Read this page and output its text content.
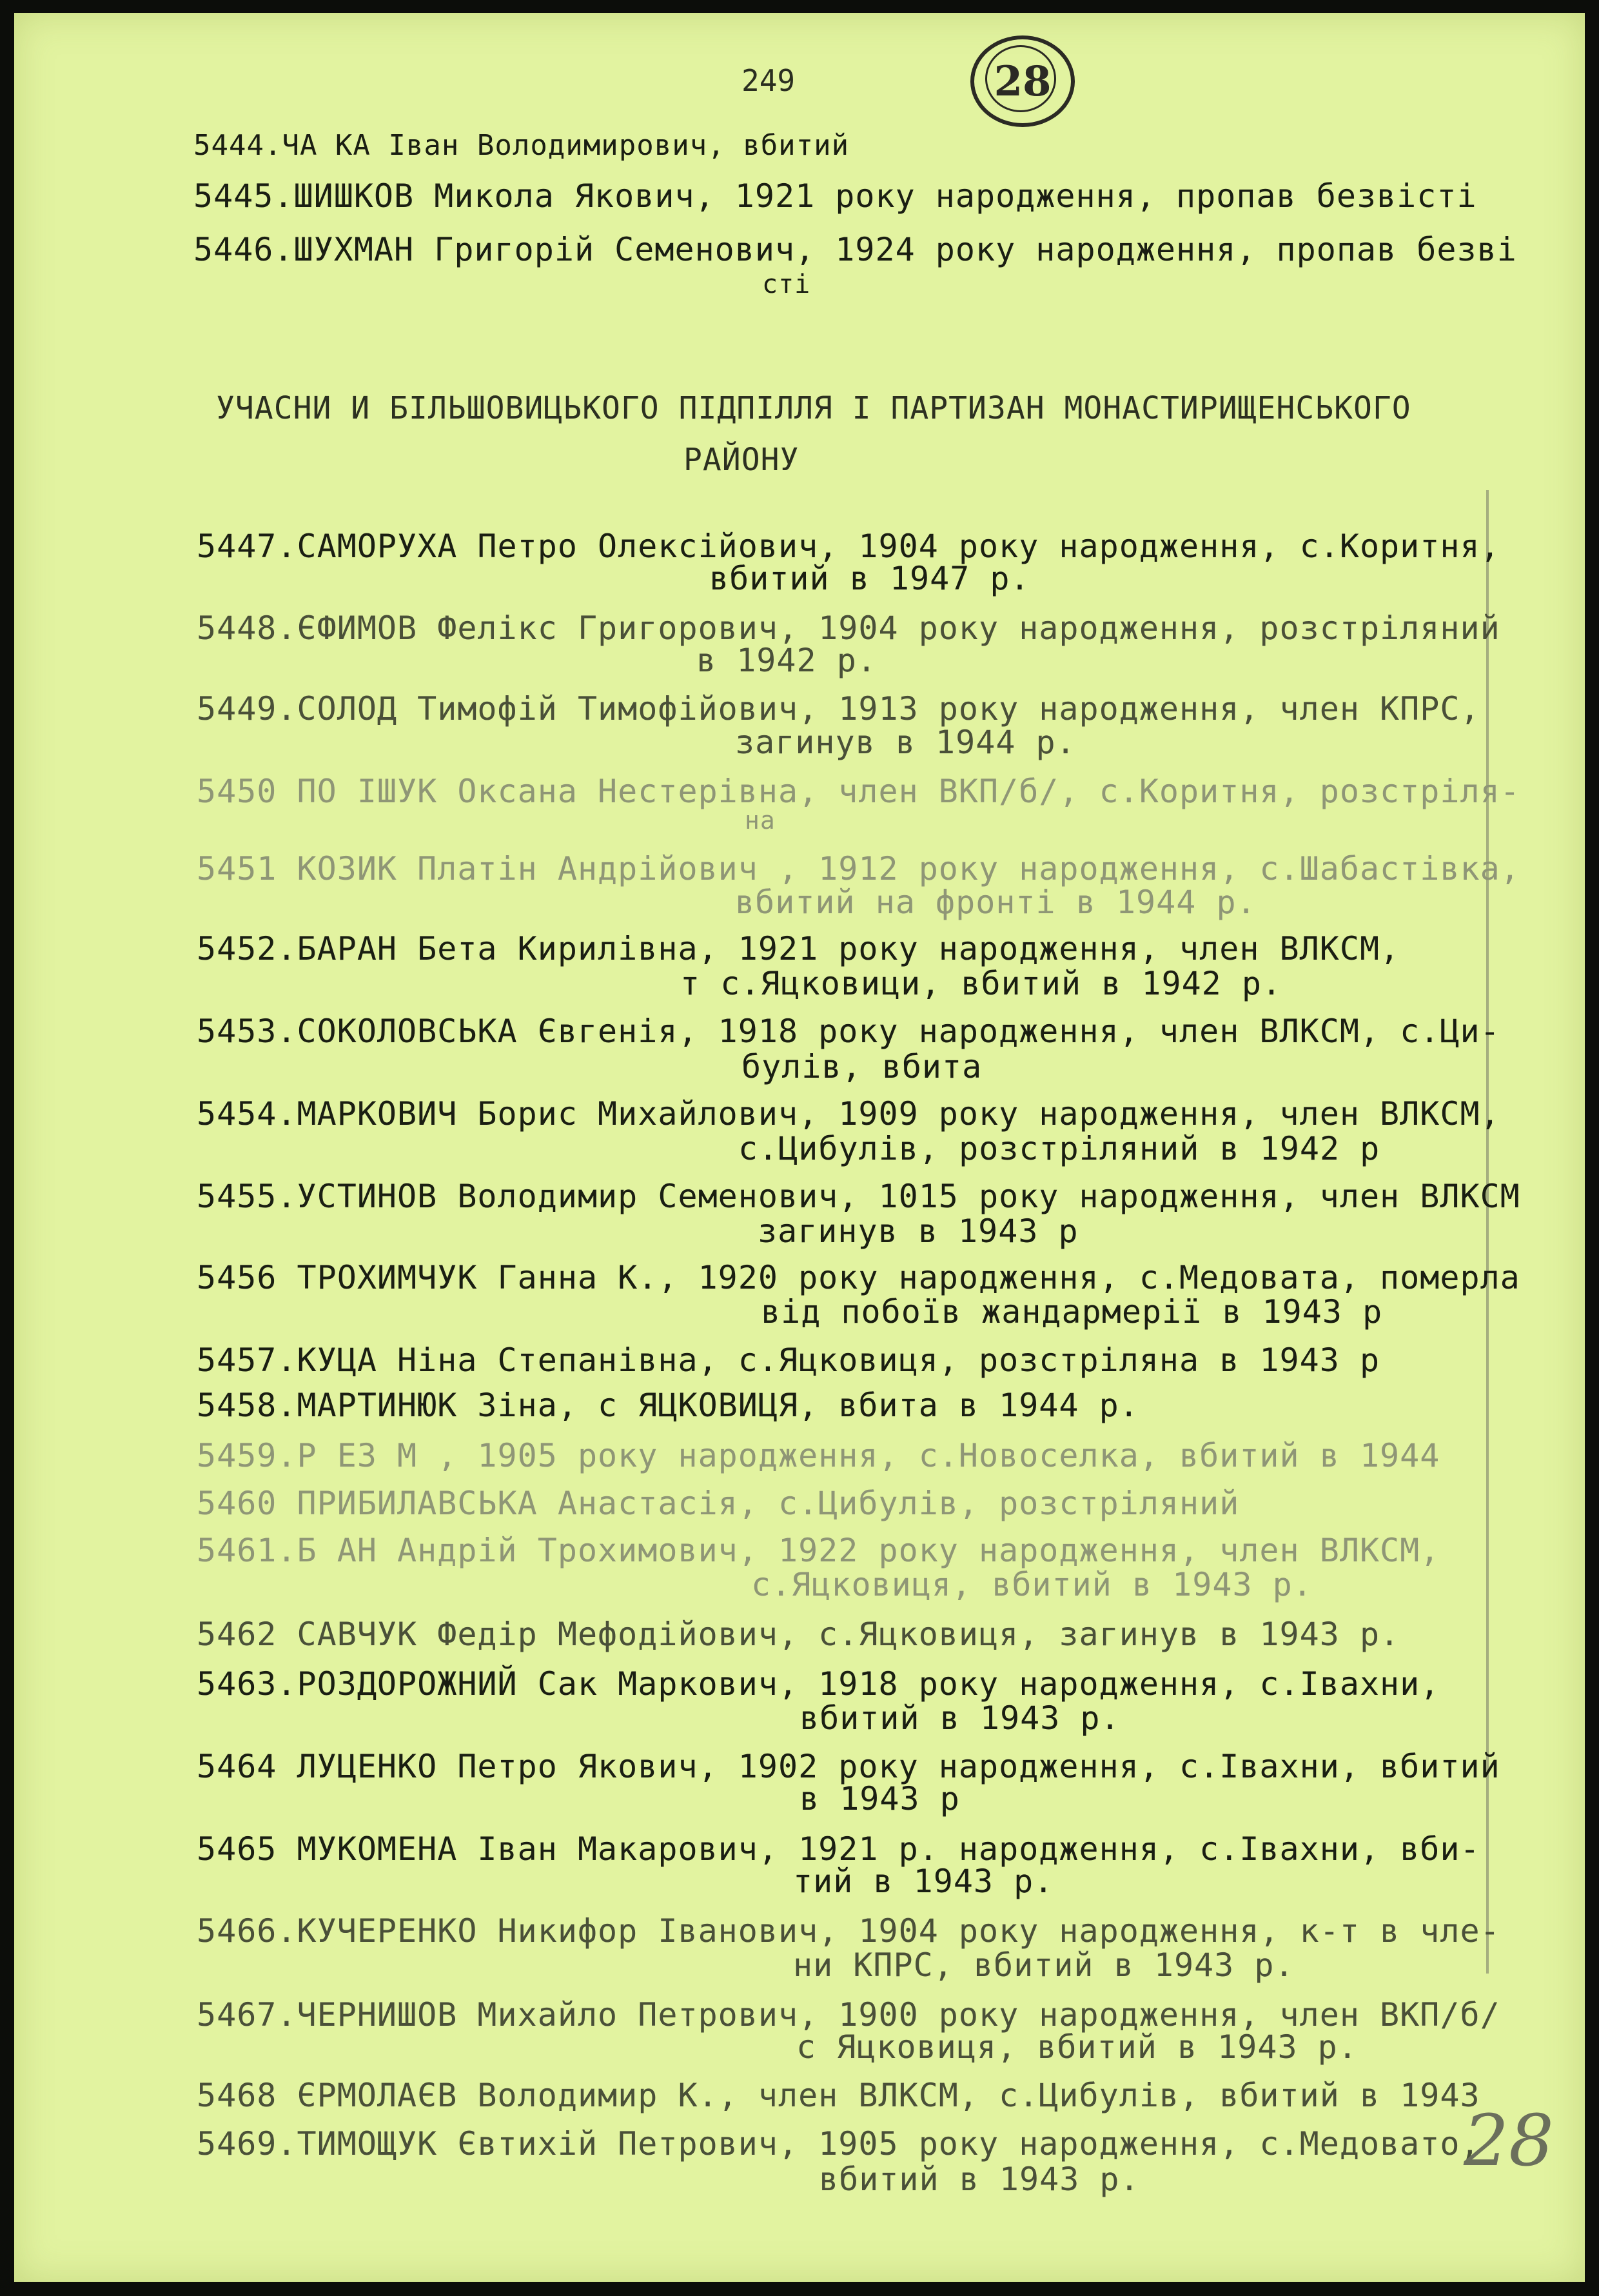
249	28
5444.ЧА КА Іван Володимирович, вбитий
5445.ШИШКОВ Микола Якович, 1921 року народження, пропав безвісті
5446.ШУХМАН Григорій Семенович, 1924 року народження, пропав безві
сті
УЧАСНИ И БІЛЬШОВИЦЬКОГО ПІДПІЛЛЯ І ПАРТИЗАН МОНАСТИРИЩЕНСЬКОГО
РАЙОНУ
5447.САМОРУХА Петро Олексійович, 1904 року народження, с.Коритня,
вбитий в 1947 р.
5448.ЄФИМОВ Фелікс Григорович, 1904 року народження, розстріляний
в 1942 р.
5449.СОЛОД Тимофій Тимофійович, 1913 року народження, член КПРС,
загинув в 1944 р.
5450 ПО ІШУК Оксана Нестерівна, член ВКП/б/, с.Коритня, розстріля-
на
5451 КОЗИК Платін Андрійович , 1912 року народження, с.Шабастівка,
вбитий на фронті в 1944 р.
5452.БАРАН Бета Кирилівна, 1921 року народження, член ВЛКСМ,
т с.Яцковици, вбитий в 1942 р.
5453.СОКОЛОВСЬКА Євгенія, 1918 року народження, член ВЛКСМ, с.Ци-
булів, вбита
5454.МАРКОВИЧ Борис Михайлович, 1909 року народження, член ВЛКСМ,
с.Цибулів, розстріляний в 1942 р
5455.УСТИНОВ Володимир Семенович, 1015 року народження, член ВЛКСМ
загинув в 1943 р
5456 ТРОХИМЧУК Ганна К., 1920 року народження, с.Медовата, померла
від побоїв жандармерії в 1943 р
5457.КУЦА Ніна Степанівна, с.Яцковиця, розстріляна в 1943 р
5458.МАРТИНЮК Зіна, с ЯЦКОВИЦЯ, вбита в 1944 р.
5459.Р ЕЗ М , 1905 року народження, с.Новоселка, вбитий в 1944
5460 ПРИБИЛАВСЬКА Анастасія, с.Цибулів, розстріляний
5461.Б АН Андрій Трохимович, 1922 року народження, член ВЛКСМ,
с.Яцковиця, вбитий в 1943 р.
5462 САВЧУК Федір Мефодійович, с.Яцковиця, загинув в 1943 р.
5463.РОЗДОРОЖНИЙ Сак Маркович, 1918 року народження, с.Івахни,
вбитий в 1943 р.
5464 ЛУЦЕНКО Петро Якович, 1902 року народження, с.Івахни, вбитий
в 1943 р
5465 МУКОМЕНА Іван Макарович, 1921 р. народження, с.Івахни, вби-
тий в 1943 р.
5466.КУЧЕРЕНКО Никифор Іванович, 1904 року народження, к-т в чле-
ни КПРС, вбитий в 1943 р.
5467.ЧЕРНИШОВ Михайло Петрович, 1900 року народження, член ВКП/б/
с Яцковиця, вбитий в 1943 р.
5468 ЄРМОЛАЄВ Володимир К., член ВЛКСМ, с.Цибулів, вбитий в 1943
5469.ТИМОЩУК Євтихій Петрович, 1905 року народження, с.Медовато,
вбитий в 1943 р.	28
